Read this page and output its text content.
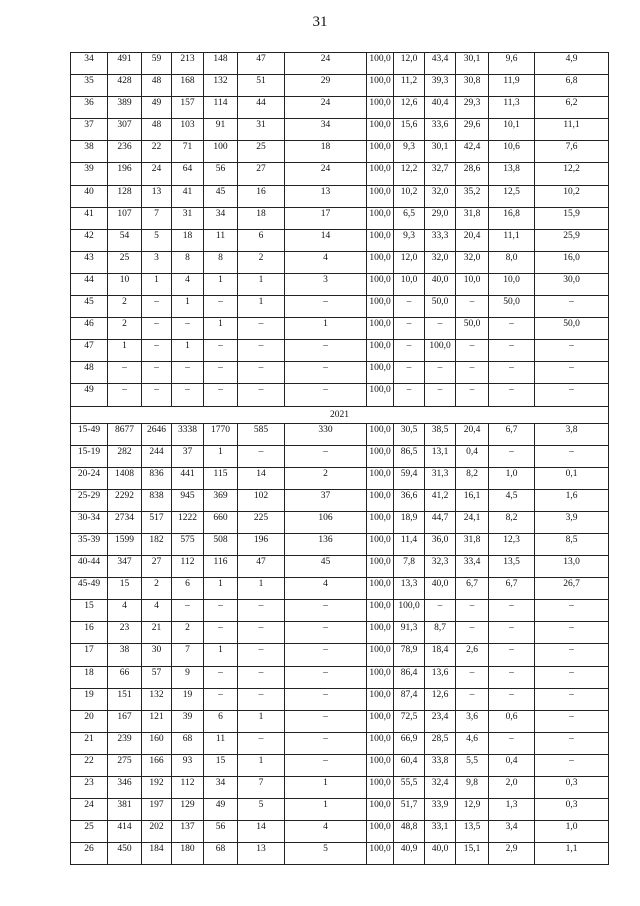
31
34	491	59	213	148	47	24	100,0	12,0	43,4	30,1	9,6	4,9
35	428	48	168	132	51	29	100,0	11,2	39,3	30,8	11,9	6,8
36	389	49	157	114	44	24	100,0	12,6	40,4	29,3	11,3	6,2
37	307	48	103	91	31	34	100,0	15,6	33,6	29,6	10,1	11,1
38	236	22	71	100	25	18	100,0	9,3	30,1	42,4	10,6	7,6
39	196	24	64	56	27	24	100,0	12,2	32,7	28,6	13,8	12,2
40	128	13	41	45	16	13	100,0	10,2	32,0	35,2	12,5	10,2
41	107	7	31	34	18	17	100,0	6,5	29,0	31,8	16,8	15,9
42	54	5	18	11	6	14	100,0	9,3	33,3	20,4	11,1	25,9
43	25	3	8	8	2	4	100,0	12,0	32,0	32,0	8,0	16,0
44	10	1	4	1	1	3	100,0	10,0	40,0	10,0	10,0	30,0
45	2	–	1	–	1	–	100,0	–	50,0	–	50,0	–
46	2	–	–	1	–	1	100,0	–	–	50,0	–	50,0
47	1	–	1	–	–	–	100,0	–	100,0	–	–	–
48	–	–	–	–	–	–	100,0	–	–	–	–	–
49	–	–	–	–	–	–	100,0	–	–	–	–	–
2021												
15-49	8677	2646	3338	1770	585	330	100,0	30,5	38,5	20,4	6,7	3,8
15-19	282	244	37	1	–	–	100,0	86,5	13,1	0,4	–	–
20-24	1408	836	441	115	14	2	100,0	59,4	31,3	8,2	1,0	0,1
25-29	2292	838	945	369	102	37	100,0	36,6	41,2	16,1	4,5	1,6
30-34	2734	517	1222	660	225	106	100,0	18,9	44,7	24,1	8,2	3,9
35-39	1599	182	575	508	196	136	100,0	11,4	36,0	31,8	12,3	8,5
40-44	347	27	112	116	47	45	100,0	7,8	32,3	33,4	13,5	13,0
45-49	15	2	6	1	1	4	100,0	13,3	40,0	6,7	6,7	26,7
15	4	4	–	–	–	–	100,0	100,0	–	–	–	–
16	23	21	2	–	–	–	100,0	91,3	8,7	–	–	–
17	38	30	7	1	–	–	100,0	78,9	18,4	2,6	–	–
18	66	57	9	–	–	–	100,0	86,4	13,6	–	–	–
19	151	132	19	–	–	–	100,0	87,4	12,6	–	–	–
20	167	121	39	6	1	–	100,0	72,5	23,4	3,6	0,6	–
21	239	160	68	11	–	–	100,0	66,9	28,5	4,6	–	–
22	275	166	93	15	1	–	100,0	60,4	33,8	5,5	0,4	–
23	346	192	112	34	7	1	100,0	55,5	32,4	9,8	2,0	0,3
24	381	197	129	49	5	1	100,0	51,7	33,9	12,9	1,3	0,3
25	414	202	137	56	14	4	100,0	48,8	33,1	13,5	3,4	1,0
26	450	184	180	68	13	5	100,0	40,9	40,0	15,1	2,9	1,1
